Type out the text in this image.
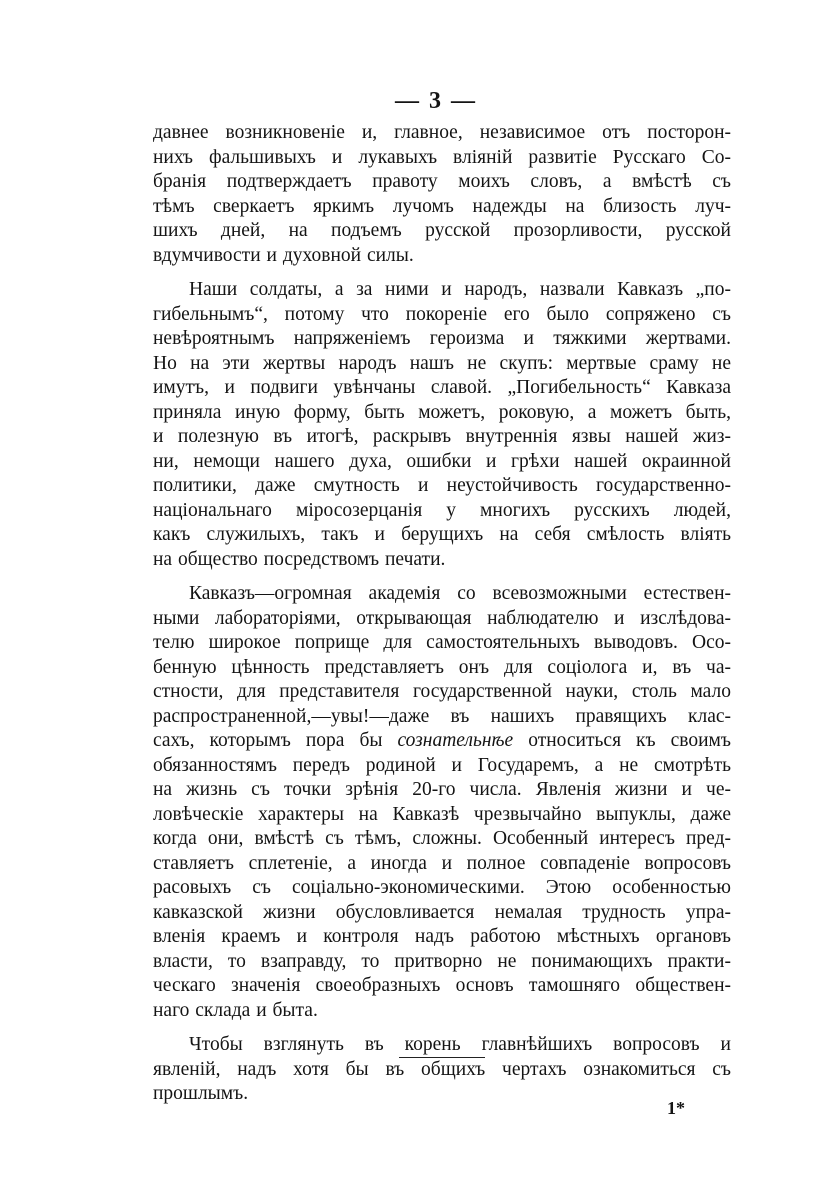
— 3 —
давнее возникновеніе и, главное, независимое отъ посторон-
нихъ фальшивыхъ и лукавыхъ вліяній развитіе Русскаго Со-
бранія подтверждаетъ правоту моихъ словъ, а вмѣстѣ съ
тѣмъ сверкаетъ яркимъ лучомъ надежды на близость луч-
шихъ дней, на подъемъ русской прозорливости, русской
вдумчивости и духовной силы.
Наши солдаты, а за ними и народъ, назвали Кавказъ „по-
гибельнымъ“, потому что покореніе его было сопряжено съ
невѣроятнымъ напряженіемъ героизма и тяжкими жертвами.
Но на эти жертвы народъ нашъ не скупъ: мертвые сраму не
имутъ, и подвиги увѣнчаны славой. „Погибельность“ Кавказа
приняла иную форму, быть можетъ, роковую, а можетъ быть,
и полезную въ итогѣ, раскрывъ внутреннія язвы нашей жиз-
ни, немощи нашего духа, ошибки и грѣхи нашей окраинной
политики, даже смутность и неустойчивость государственно-
національнаго міросозерцанія у многихъ русскихъ людей,
какъ служилыхъ, такъ и берущихъ на себя смѣлость вліять
на общество посредствомъ печати.
Кавказъ—огромная академія со всевозможными естествен-
ными лабораторіями, открывающая наблюдателю и изслѣдова-
телю широкое поприще для самостоятельныхъ выводовъ. Осо-
бенную цѣнность представляетъ онъ для соціолога и, въ ча-
стности, для представителя государственной науки, столь мало
распространенной,—увы!—даже въ нашихъ правящихъ клас-
сахъ, которымъ пора бы сознательнѣе относиться къ своимъ
обязанностямъ передъ родиной и Государемъ, а не смотрѣть
на жизнь съ точки зрѣнія 20-го числа. Явленія жизни и че-
ловѣческіе характеры на Кавказѣ чрезвычайно выпуклы, даже
когда они, вмѣстѣ съ тѣмъ, сложны. Особенный интересъ пред-
ставляетъ сплетеніе, а иногда и полное совпаденіе вопросовъ
расовыхъ съ соціально-экономическими. Этою особенностью
кавказской жизни обусловливается немалая трудность упра-
вленія краемъ и контроля надъ работою мѣстныхъ органовъ
власти, то взаправду, то притворно не понимающихъ практи-
ческаго значенія своеобразныхъ основъ тамошняго обществен-
наго склада и быта.
Чтобы взглянуть въ корень главнѣйшихъ вопросовъ и
явленій, надъ хотя бы въ общихъ чертахъ ознакомиться съ
прошлымъ.
1*
